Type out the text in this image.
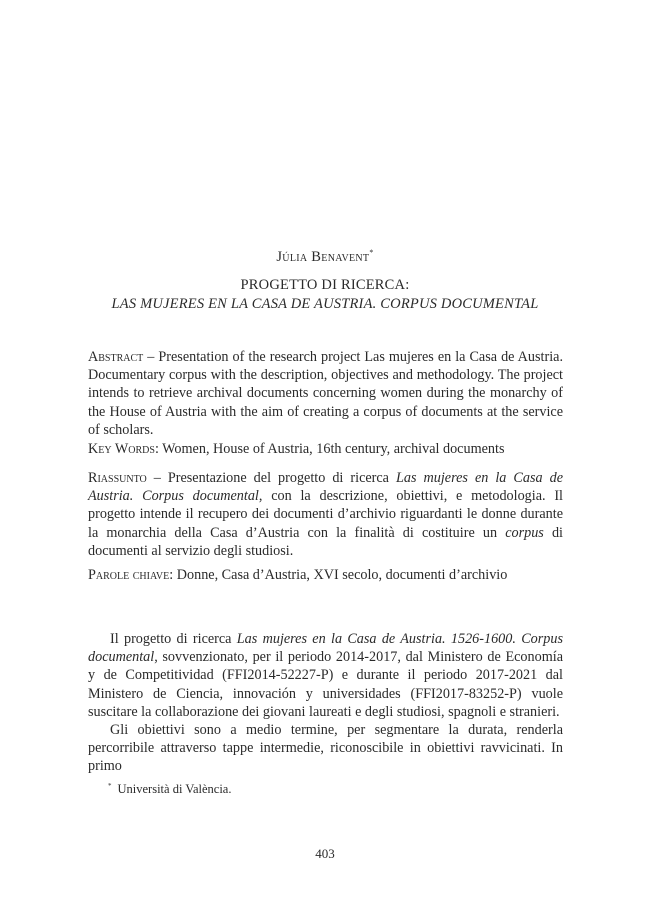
Júlia Benavent*
PROGETTO DI RICERCA:
LAS MUJERES EN LA CASA DE AUSTRIA. CORPUS DOCUMENTAL

Abstract – Presentation of the research project Las mujeres en la Casa de Austria. Documentary corpus with the description, objectives and methodology. The project intends to retrieve archival documents concerning women during the monarchy of the House of Austria with the aim of creating a corpus of documents at the service of scholars.

Key Words: Women, House of Austria, 16th century, archival documents

Riassunto – Presentazione del progetto di ricerca Las mujeres en la Casa de Austria. Corpus documental, con la descrizione, obiettivi, e metodologia. Il progetto intende il recupero dei documenti d’archivio riguardanti le donne durante la monarchia della Casa d’Austria con la finalità di costituire un corpus di documenti al servizio degli studiosi.

Parole chiave: Donne, Casa d’Austria, XVI secolo, documenti d’archivio

Il progetto di ricerca Las mujeres en la Casa de Austria. 1526-1600. Corpus documental, sovvenzionato, per il periodo 2014-2017, dal Ministero de Economía y de Competitividad (FFI2014-52227-P) e durante il periodo 2017-2021 dal Ministero de Ciencia, innovación y universidades (FFI2017-83252-P) vuole suscitare la collaborazione dei giovani laureati e degli studiosi, spagnoli e stranieri.

Gli obiettivi sono a medio termine, per segmentare la durata, renderla percorribile attraverso tappe intermedie, riconoscibile in obiettivi ravvicinati. In primo

* Università di València.
403
